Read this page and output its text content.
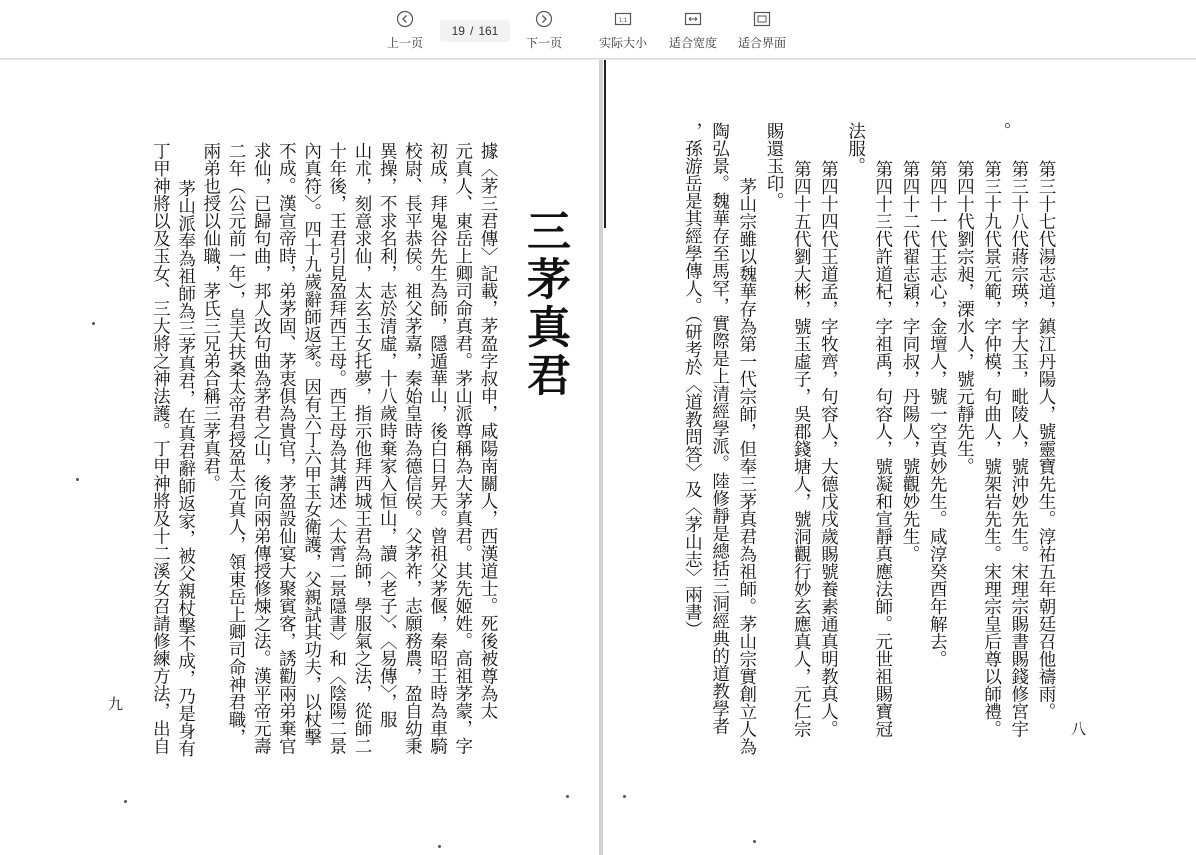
上一页
19 / 161
下一页
1:1
实际大小 适合宽度 适合界面
三茅真君
據〈茅三君傳〉記載，茅盈字叔申，咸陽南關人，西漢道士。死後被尊為太
元真人、東岳上卿司命真君。茅山派尊稱為大茅真君。其先姬姓。高祖茅蒙，字
初成，拜鬼谷先生為師，隱遁華山，後白日昇天。曾祖父茅偃，秦昭王時為車騎
校尉、長平恭侯。祖父茅嘉，秦始皇時為德信侯。父茅祚，志願務農，盈自幼秉
異操，不求名利，志於清虛，十八歲時棄家入恒山，讀〈老子〉、〈易傳〉，服
山朮，刻意求仙，太玄玉女托夢，指示他拜西城王君為師，學服氣之法，從師二
十年後，王君引見盈拜西王母。西王母為其講述〈太霄二景隱書〉和〈陰陽二景
內真符〉。四十九歲辭師返家。因有六丁六甲玉女衛護，父親試其功夫，以杖擊
不成。漢宣帝時，弟茅固、茅衷俱為貴官，茅盈設仙宴大聚賓客，誘勸兩弟棄官
求仙，已歸句曲，邦人改句曲為茅君之山，後向兩弟傳授修煉之法。漢平帝元壽
二年（公元前一年），皇天扶桑太帝君授盈太元真人，領東岳上卿司命神君職，
兩弟也授以仙職，茅氏三兄弟合稱三茅真君。
　茅山派奉為祖師為三茅真君，在真君辭師返家，被父親杖擊不成，乃是身有
丁甲神將以及玉女、三大將之神法護。丁甲神將及十二溪女召請修練方法，出自
九
。
第三十七代湯志道，鎮江丹陽人，號靈寶先生。淳祐五年朝廷召他禱雨。
第三十八代蔣宗瑛，字大玉，毗陵人，號沖妙先生。宋理宗賜書賜錢修宮宇
第三十九代景元範，字仲模，句曲人，號架岩先生。宋理宗皇后尊以師禮。
第四十代劉宗昶，溧水人，號元靜先生。
第四十一代王志心，金壇人，號一空真妙先生。咸淳癸酉年解去。
第四十二代翟志穎，字同叔，丹陽人，號觀妙先生。
第四十三代許道杞，字祖禹，句容人，號凝和宣靜真應法師。元世祖賜寶冠
法服。
第四十四代王道孟，字牧齊，句容人，大德戊戌歲賜號養素通真明教真人。
第四十五代劉大彬，號玉虛子，吳郡錢塘人，號洞觀行妙玄應真人，元仁宗
賜還玉印。
　茅山宗雖以魏華存為第一代宗師，但奉三茅真君為祖師。茅山宗實創立人為
陶弘景。魏華存至馬罕，實際是上清經學派。陸修靜是總括三洞經典的道教學者
，孫游岳是其經學傳人。（研考於〈道教問答〉及〈茅山志〉兩書）
八
